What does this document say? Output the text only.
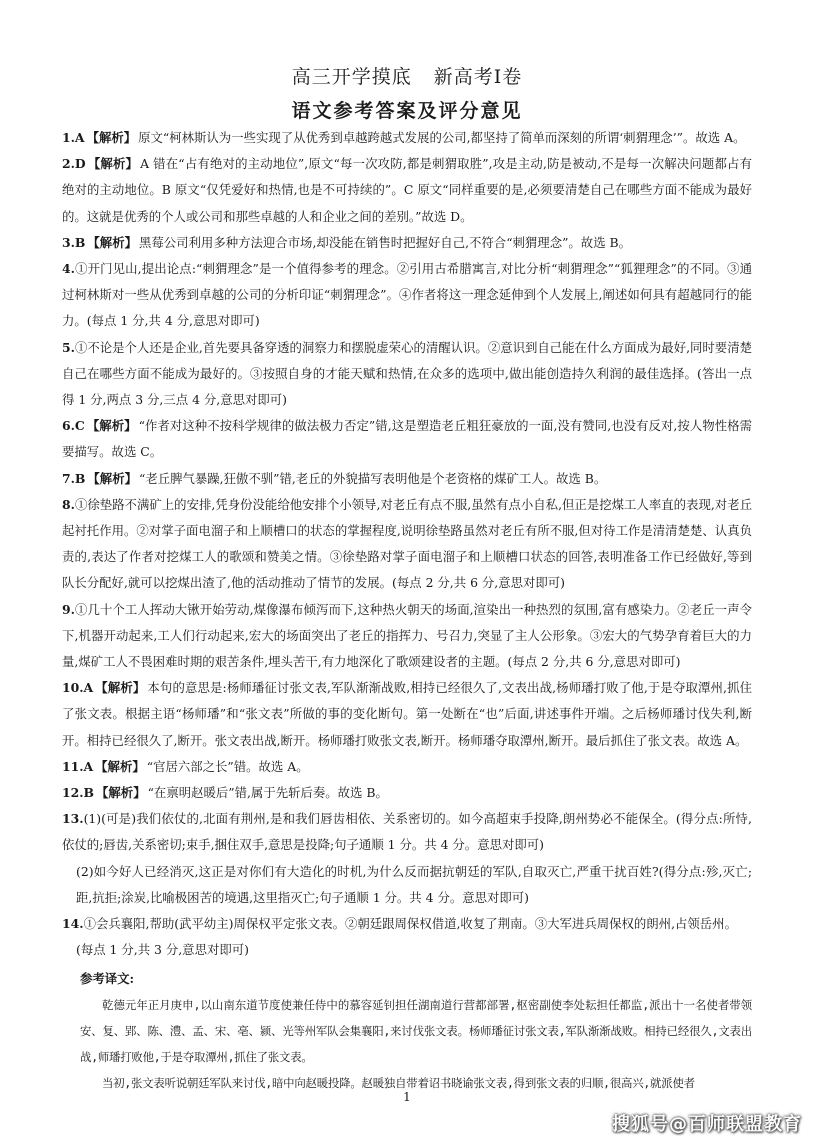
高三开学摸底 新高考Ⅰ卷
语文参考答案及评分意见

1.A 【解析】 原文“柯林斯认为一些实现了从优秀到卓越跨越式发展的公司,都坚持了简单而深刻的所谓‘刺猬理念’”。故选 A。

2.D 【解析】 A 错在“占有绝对的主动地位”,原文“每一次攻防,都是刺猬取胜”,攻是主动,防是被动,不是每一次解决问题都占有绝对的主动地位。B 原文“仅凭爱好和热情,也是不可持续的”。C 原文“同样重要的是,必须要清楚自己在哪些方面不能成为最好的。这就是优秀的个人或公司和那些卓越的人和企业之间的差别。”故选 D。

3.B 【解析】 黑莓公司利用多种方法迎合市场,却没能在销售时把握好自己,不符合“刺猬理念”。故选 B。

4.①开门见山,提出论点:“刺猬理念”是一个值得参考的理念。②引用古希腊寓言,对比分析“刺猬理念”“狐狸理念”的不同。③通过柯林斯对一些从优秀到卓越的公司的分析印证“刺猬理念”。④作者将这一理念延伸到个人发展上,阐述如何具有超越同行的能力。(每点 1 分,共 4 分,意思对即可)

5.①不论是个人还是企业,首先要具备穿透的洞察力和摆脱虚荣心的清醒认识。②意识到自己能在什么方面成为最好,同时要清楚自己在哪些方面不能成为最好的。③按照自身的才能天赋和热情,在众多的选项中,做出能创造持久利润的最佳选择。(答出一点得 1 分,两点 3 分,三点 4 分,意思对即可)

6.C 【解析】 “作者对这种不按科学规律的做法极力否定”错,这是塑造老丘粗狂豪放的一面,没有赞同,也没有反对,按人物性格需要描写。故选 C。

7.B 【解析】 “老丘脾气暴躁,狂傲不驯”错,老丘的外貌描写表明他是个老资格的煤矿工人。故选 B。

8.①徐垫路不满矿上的安排,凭身份没能给他安排个小领导,对老丘有点不服,虽然有点小自私,但正是挖煤工人率直的表现,对老丘起衬托作用。②对掌子面电溜子和上顺槽口的状态的掌握程度,说明徐垫路虽然对老丘有所不服,但对待工作是清清楚楚、认真负责的,表达了作者对挖煤工人的歌颂和赞美之情。③徐垫路对掌子面电溜子和上顺槽口状态的回答,表明准备工作已经做好,等到队长分配好,就可以挖煤出渣了,他的活动推动了情节的发展。(每点 2 分,共 6 分,意思对即可)

9.①几十个工人挥动大锹开始劳动,煤像瀑布倾泻而下,这种热火朝天的场面,渲染出一种热烈的氛围,富有感染力。②老丘一声令下,机器开动起来,工人们行动起来,宏大的场面突出了老丘的指挥力、号召力,突显了主人公形象。③宏大的气势孕育着巨大的力量,煤矿工人不畏困难时期的艰苦条件,埋头苦干,有力地深化了歌颂建设者的主题。(每点 2 分,共 6 分,意思对即可)

10.A 【解析】 本句的意思是:杨师璠征讨张文表,军队渐渐战败,相持已经很久了,文表出战,杨师璠打败了他,于是夺取潭州,抓住了张文表。根据主语“杨师璠”和“张文表”所做的事的变化断句。第一处断在“也”后面,讲述事件开端。之后杨师璠讨伐失利,断开。相持已经很久了,断开。张文表出战,断开。杨师璠打败张文表,断开。杨师璠夺取潭州,断开。最后抓住了张文表。故选 A。

11.A 【解析】 “官居六部之长”错。故选 A。

12.B 【解析】 “在禀明赵暖后”错,属于先斩后奏。故选 B。

13.(1)(可是)我们依仗的,北面有荆州,是和我们唇齿相依、关系密切的。如今高超束手投降,朗州势必不能保全。(得分点:所恃,依仗的;唇齿,关系密切;束手,捆住双手,意思是投降;句子通顺 1 分。共 4 分。意思对即可)

(2)如今好人已经消灭,这正是对你们有大造化的时机,为什么反而据抗朝廷的军队,自取灭亡,严重干扰百姓?(得分点:殄,灭亡;距,抗拒;涂炭,比喻极困苦的境遇,这里指灭亡;句子通顺 1 分。共 4 分。意思对即可)

14.①会兵襄阳,帮助(武平幼主)周保权平定张文表。②朝廷跟周保权借道,收复了荆南。③大军进兵周保权的朗州,占领岳州。

(每点 1 分,共 3 分,意思对即可)

参考译文:

乾德元年正月庚申,以山南东道节度使兼任侍中的慕容延钊担任湖南道行营都部署,枢密副使李处耘担任都监,派出十一名使者带领安、复、郢、陈、澧、孟、宋、亳、颍、光等州军队会集襄阳,来讨伐张文表。杨师璠征讨张文表,军队渐渐战败。相持已经很久,文表出战,师璠打败他,于是夺取潭州,抓住了张文表。

当初,张文表听说朝廷军队来讨伐,暗中向赵暖投降。赵暖独自带着诏书晓谕张文表,得到张文表的归顺,很高兴,就派使者

1
搜狐号@百师联盟教育
